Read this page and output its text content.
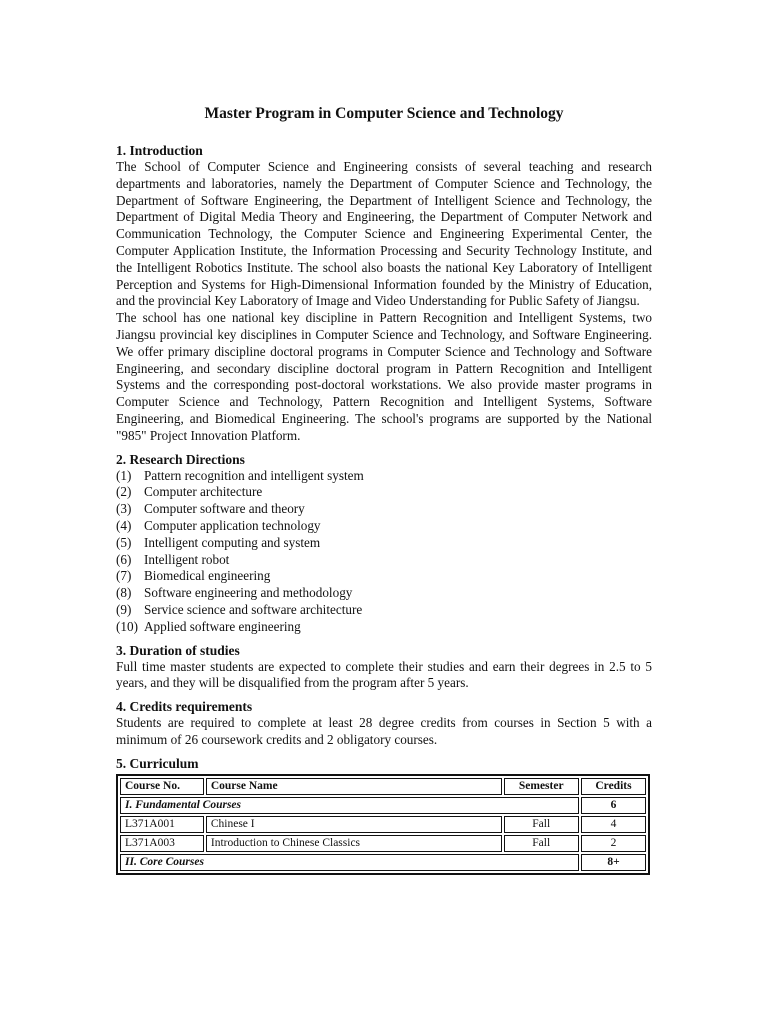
Master Program in Computer Science and Technology
1. Introduction

The School of Computer Science and Engineering consists of several teaching and research departments and laboratories, namely the Department of Computer Science and Technology, the Department of Software Engineering, the Department of Intelligent Science and Technology, the Department of Digital Media Theory and Engineering, the Department of Computer Network and Communication Technology, the Computer Science and Engineering Experimental Center, the Computer Application Institute, the Information Processing and Security Technology Institute, and the Intelligent Robotics Institute. The school also boasts the national Key Laboratory of Intelligent Perception and Systems for High-Dimensional Information founded by the Ministry of Education, and the provincial Key Laboratory of Image and Video Understanding for Public Safety of Jiangsu.

The school has one national key discipline in Pattern Recognition and Intelligent Systems, two Jiangsu provincial key disciplines in Computer Science and Technology, and Software Engineering. We offer primary discipline doctoral programs in Computer Science and Technology and Software Engineering, and secondary discipline doctoral program in Pattern Recognition and Intelligent Systems and the corresponding post-doctoral workstations. We also provide master programs in Computer Science and Technology, Pattern Recognition and Intelligent Systems, Software Engineering, and Biomedical Engineering. The school's programs are supported by the National "985" Project Innovation Platform.

2. Research Directions
(1) Pattern recognition and intelligent system
(2) Computer architecture
(3) Computer software and theory
(4) Computer application technology
(5) Intelligent computing and system
(6) Intelligent robot
(7) Biomedical engineering
(8) Software engineering and methodology
(9) Service science and software architecture
(10) Applied software engineering
3. Duration of studies

Full time master students are expected to complete their studies and earn their degrees in 2.5 to 5 years, and they will be disqualified from the program after 5 years.

4. Credits requirements

Students are required to complete at least 28 degree credits from courses in Section 5 with a minimum of 26 coursework credits and 2 obligatory courses.

5. Curriculum
Course No.	Course Name	Semester	Credits
I. Fundamental Courses			6
L371A001	Chinese I	Fall	4
L371A003	Introduction to Chinese Classics	Fall	2
II. Core Courses			8+
